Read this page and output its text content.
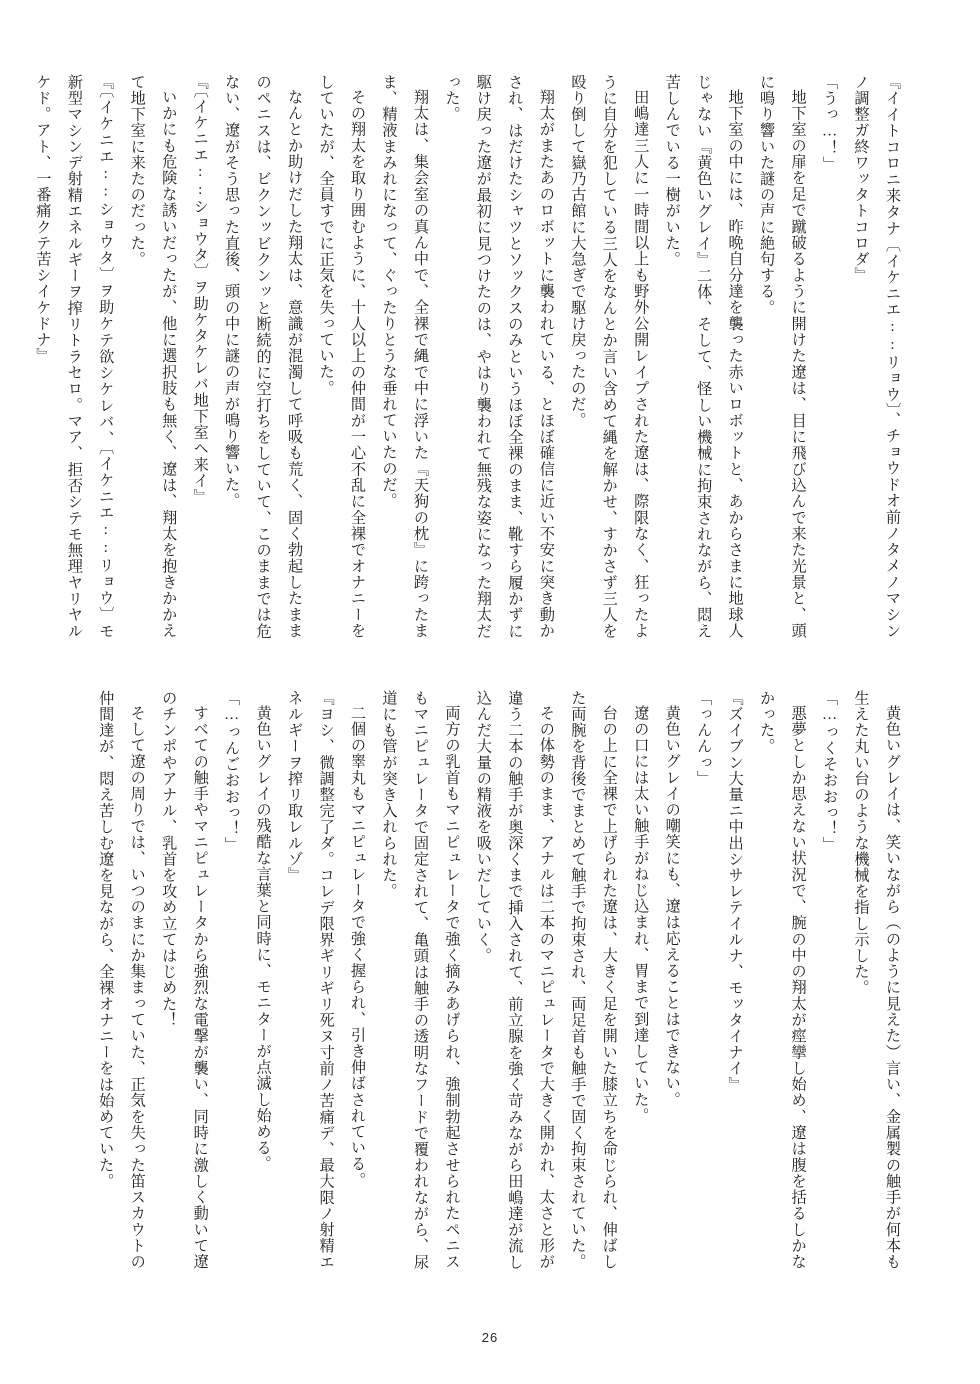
『イイトコロニ来タナ〔イケニエ::リョウ〕、チョウドオ前ノタメノマシンノ調整ガ終ワッタトコロダ』

「うっ…！」

地下室の扉を足で蹴破るように開けた遼は、目に飛び込んで来た光景と、頭に鳴り響いた謎の声に絶句する。

地下室の中には、昨晩自分達を襲った赤いロボットと、あからさまに地球人じゃない『黄色いグレイ』二体、そして、怪しい機械に拘束されながら、悶え苦しんでいる一樹がいた。

田嶋達三人に一時間以上も野外公開レイプされた遼は、際限なく、狂ったように自分を犯している三人をなんとか言い含めて縄を解かせ、すかさず三人を殴り倒して嶽乃古館に大急ぎで駆け戻ったのだ。

翔太がまたあのロボットに襲われている、とほぼ確信に近い不安に突き動かされ、はだけたシャツとソックスのみというほぼ全裸のまま、靴すら履かずに駆け戻った遼が最初に見つけたのは、やはり襲われて無残な姿になった翔太だった。

翔太は、集会室の真ん中で、全裸で縄で中に浮いた『天狗の枕』に跨ったまま、精液まみれになって、ぐったりとうな垂れていたのだ。

その翔太を取り囲むように、十人以上の仲間が一心不乱に全裸でオナニーをしていたが、全員すでに正気を失っていた。

なんとか助けだした翔太は、意識が混濁して呼吸も荒く、固く勃起したままのペニスは、ビクンッビクンッと断続的に空打ちをしていて、このままでは危ない、遼がそう思った直後、頭の中に謎の声が鳴り響いた。

『〔イケニエ::ショウタ〕ヲ助ケタケレバ地下室ヘ来イ』

いかにも危険な誘いだったが、他に選択肢も無く、遼は、翔太を抱きかかえて地下室に来たのだった。

『〔イケニエ::ショウタ〕ヲ助ケテ欲シケレバ、〔イケニエ::リョウ〕モ新型マシンデ射精エネルギーヲ搾リトラセロ。マア、拒否シテモ無理ヤリヤルケド。アト、一番痛クテ苦シイケドナ』

黄色いグレイは、笑いながら（のように見えた）言い、金属製の触手が何本も生えた丸い台のような機械を指し示した。

「…っくそおおっ！」

悪夢としか思えない状況で、腕の中の翔太が痙攣し始め、遼は腹を括るしかなかった。

『ズイブン大量ニ中出シサレテイルナ、モッタイナイ』

「っんんっ」

黄色いグレイの嘲笑にも、遼は応えることはできない。

遼の口には太い触手がねじ込まれ、胃まで到達していた。

台の上に全裸で上げられた遼は、大きく足を開いた膝立ちを命じられ、伸ばした両腕を背後でまとめて触手で拘束され、両足首も触手で固く拘束されていた。

その体勢のまま、アナルは二本のマニピュレータで大きく開かれ、太さと形が違う二本の触手が奥深くまで挿入されて、前立腺を強く苛みながら田嶋達が流し込んだ大量の精液を吸いだしていく。

両方の乳首もマニピュレータで強く摘みあげられ、強制勃起させられたペニスもマニピュレータで固定されて、亀頭は触手の透明なフードで覆われながら、尿道にも管が突き入れられた。

二個の睾丸もマニピュレータで強く握られ、引き伸ばされている。

『ヨシ、微調整完了ダ。コレデ限界ギリギリ死ヌ寸前ノ苦痛デ、最大限ノ射精エネルギーヲ搾リ取レルゾ』

黄色いグレイの残酷な言葉と同時に、モニターが点滅し始める。

「…っんごおおっ！」

すべての触手やマニピュレータから強烈な電撃が襲い、同時に激しく動いて遼のチンポやアナル、乳首を攻め立てはじめた！

そして遼の周りでは、いつのまにか集まっていた、正気を失った笛スカウトの仲間達が、悶え苦しむ遼を見ながら、全裸オナニーをは始めていた。

26
